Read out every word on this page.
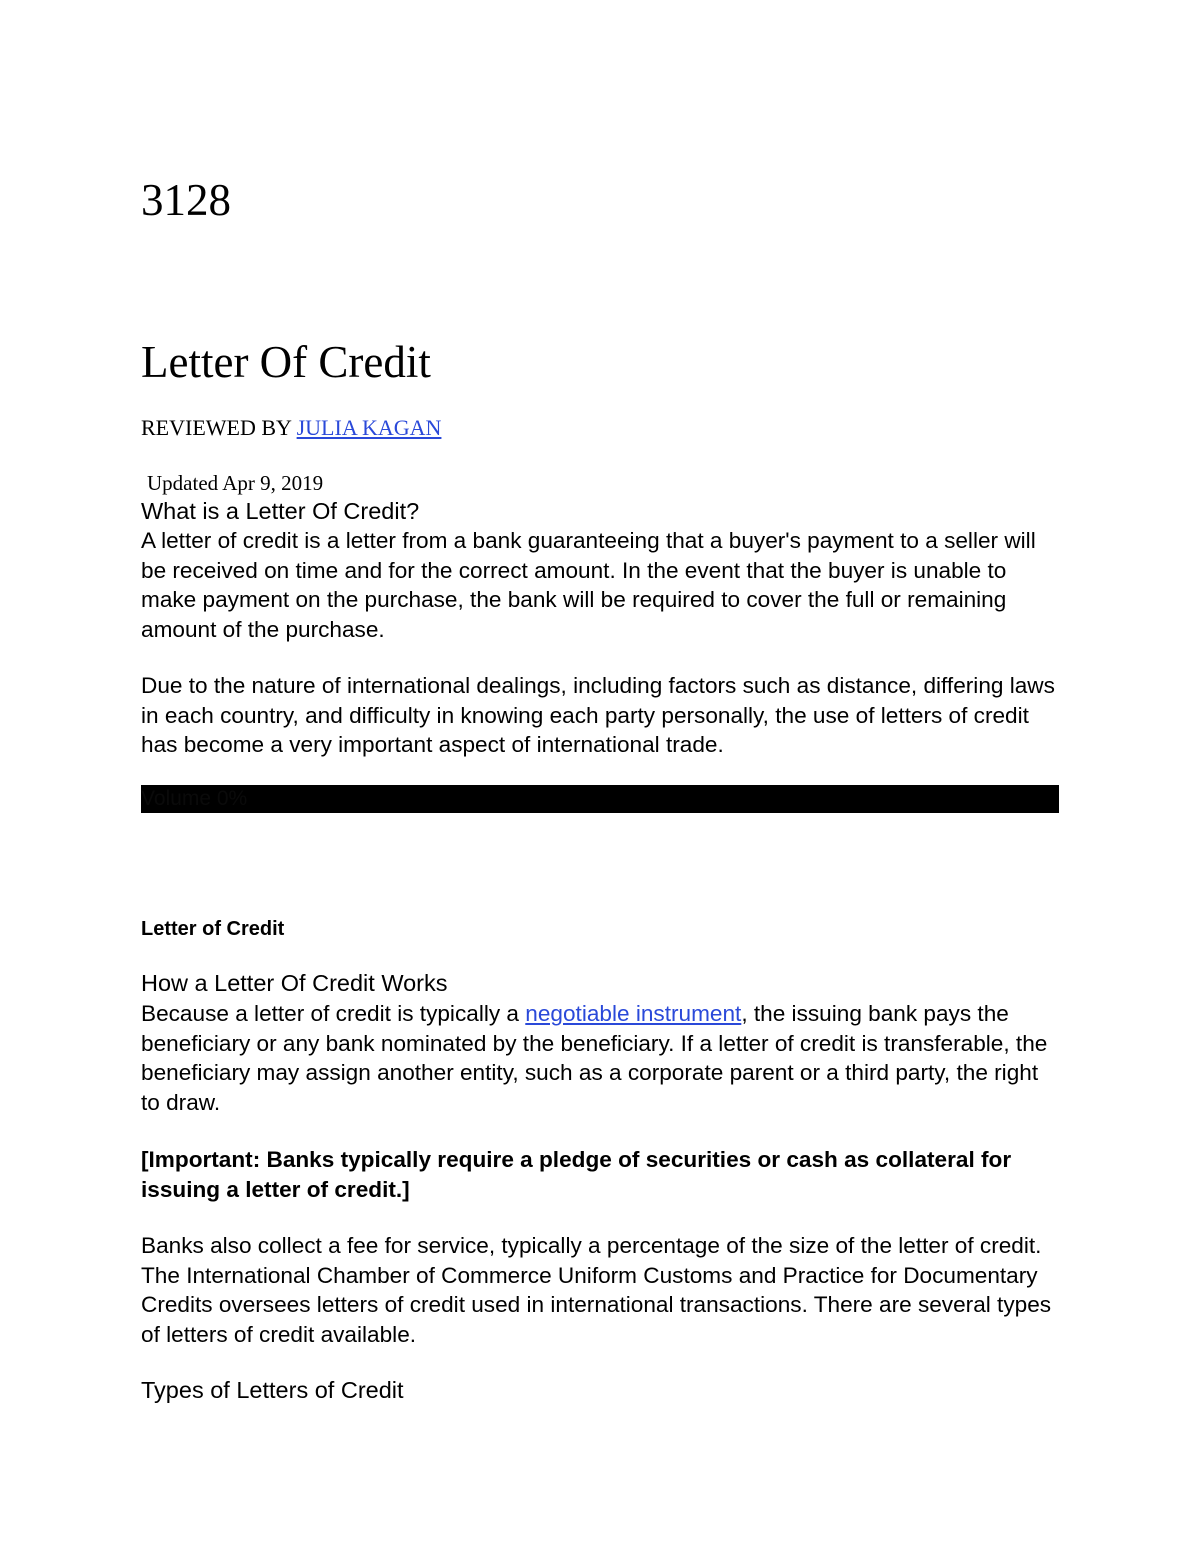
3128
Letter Of Credit
REVIEWED BY JULIA KAGAN
Updated Apr 9, 2019
What is a Letter Of Credit?

A letter of credit is a letter from a bank guaranteeing that a buyer's payment to a seller will be received on time and for the correct amount. In the event that the buyer is unable to make payment on the purchase, the bank will be required to cover the full or remaining amount of the purchase.

Due to the nature of international dealings, including factors such as distance, differing laws in each country, and difficulty in knowing each party personally, the use of letters of credit has become a very important aspect of international trade.

Volume 0%
Letter of Credit
How a Letter Of Credit Works

Because a letter of credit is typically a negotiable instrument, the issuing bank pays the beneficiary or any bank nominated by the beneficiary. If a letter of credit is transferable, the beneficiary may assign another entity, such as a corporate parent or a third party, the right to draw.

[Important: Banks typically require a pledge of securities or cash as collateral for issuing a letter of credit.]

Banks also collect a fee for service, typically a percentage of the size of the letter of credit. The International Chamber of Commerce Uniform Customs and Practice for Documentary Credits oversees letters of credit used in international transactions. There are several types of letters of credit available.

Types of Letters of Credit
